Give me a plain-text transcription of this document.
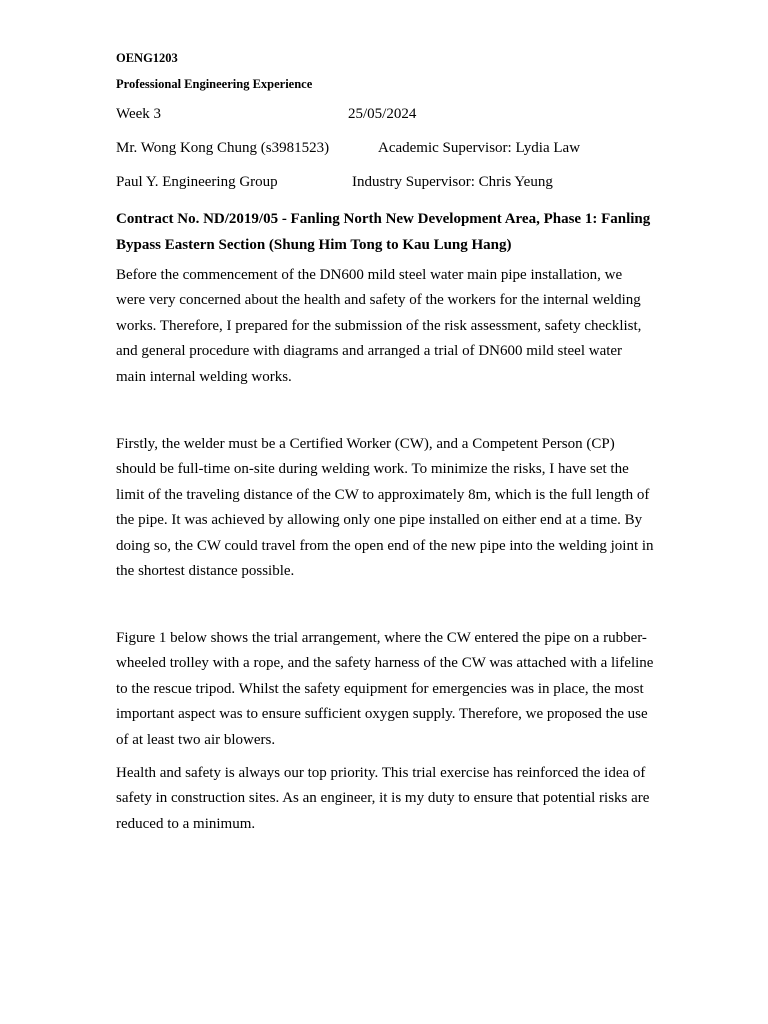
OENG1203
Professional Engineering Experience
Week 3	25/05/2024
Mr. Wong Kong Chung (s3981523)	Academic Supervisor: Lydia Law
Paul Y. Engineering Group	Industry Supervisor: Chris Yeung
Contract No. ND/2019/05 - Fanling North New Development Area, Phase 1: Fanling Bypass Eastern Section (Shung Him Tong to Kau Lung Hang)

Before the commencement of the DN600 mild steel water main pipe installation, we were very concerned about the health and safety of the workers for the internal welding works. Therefore, I prepared for the submission of the risk assessment, safety checklist, and general procedure with diagrams and arranged a trial of DN600 mild steel water main internal welding works.

Firstly, the welder must be a Certified Worker (CW), and a Competent Person (CP) should be full-time on-site during welding work. To minimize the risks, I have set the limit of the traveling distance of the CW to approximately 8m, which is the full length of the pipe. It was achieved by allowing only one pipe installed on either end at a time. By doing so, the CW could travel from the open end of the new pipe into the welding joint in the shortest distance possible.

Figure 1 below shows the trial arrangement, where the CW entered the pipe on a rubber-wheeled trolley with a rope, and the safety harness of the CW was attached with a lifeline to the rescue tripod. Whilst the safety equipment for emergencies was in place, the most important aspect was to ensure sufficient oxygen supply. Therefore, we proposed the use of at least two air blowers.

Health and safety is always our top priority. This trial exercise has reinforced the idea of safety in construction sites. As an engineer, it is my duty to ensure that potential risks are reduced to a minimum.
